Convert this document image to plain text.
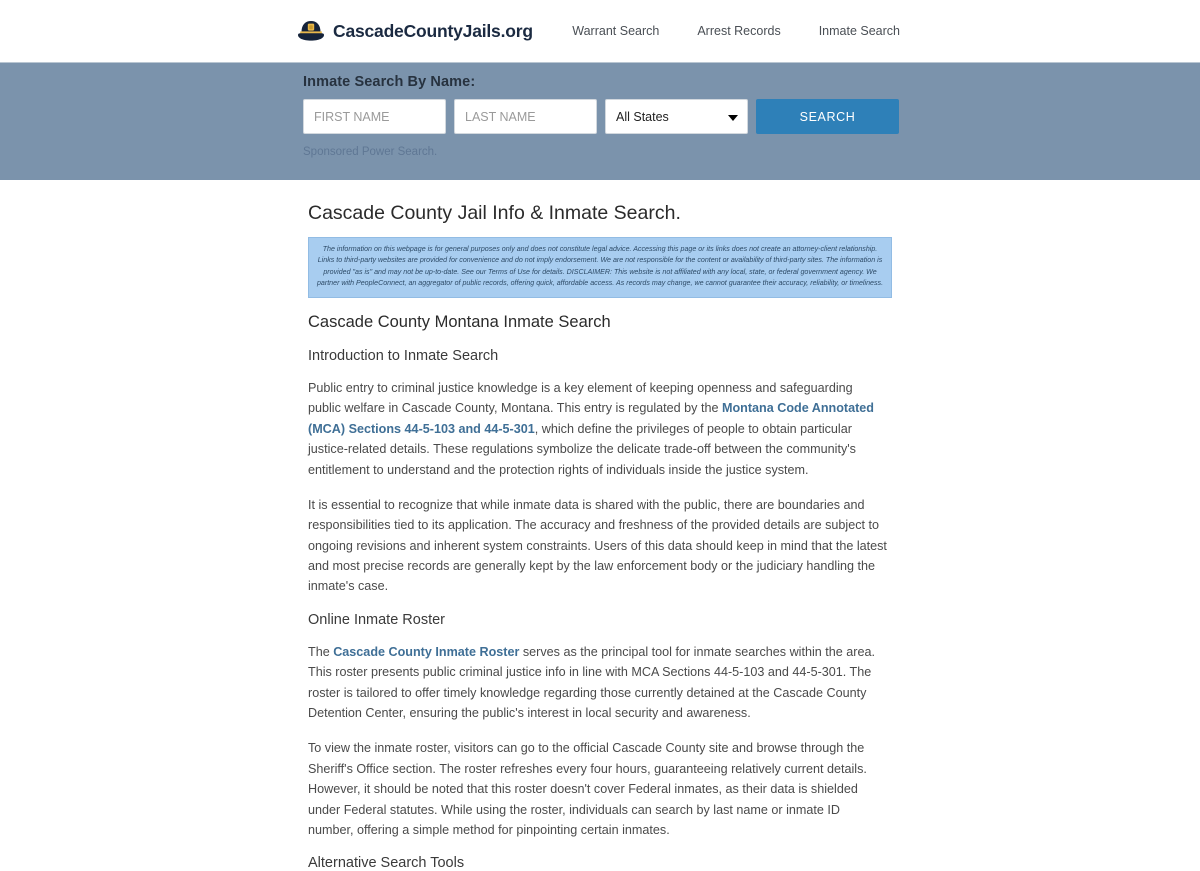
CascadeCountyJails.org	Warrant Search	Arrest Records	Inmate Search
Inmate Search By Name:
FIRST NAME
LAST NAME
All States
SEARCH
Sponsored Power Search.
Cascade County Jail Info & Inmate Search.
The information on this webpage is for general purposes only and does not constitute legal advice. Accessing this page or its links does not create an attorney-client relationship. Links to third-party websites are provided for convenience and do not imply endorsement. We are not responsible for the content or availability of third-party sites. The information is provided "as is" and may not be up-to-date. See our Terms of Use for details. DISCLAIMER: This website is not affiliated with any local, state, or federal government agency. We partner with PeopleConnect, an aggregator of public records, offering quick, affordable access. As records may change, we cannot guarantee their accuracy, reliability, or timeliness.
Cascade County Montana Inmate Search
Introduction to Inmate Search

Public entry to criminal justice knowledge is a key element of keeping openness and safeguarding public welfare in Cascade County, Montana. This entry is regulated by the Montana Code Annotated (MCA) Sections 44-5-103 and 44-5-301, which define the privileges of people to obtain particular justice-related details. These regulations symbolize the delicate trade-off between the community's entitlement to understand and the protection rights of individuals inside the justice system.

It is essential to recognize that while inmate data is shared with the public, there are boundaries and responsibilities tied to its application. The accuracy and freshness of the provided details are subject to ongoing revisions and inherent system constraints. Users of this data should keep in mind that the latest and most precise records are generally kept by the law enforcement body or the judiciary handling the inmate's case.

Online Inmate Roster

The Cascade County Inmate Roster serves as the principal tool for inmate searches within the area. This roster presents public criminal justice info in line with MCA Sections 44-5-103 and 44-5-301. The roster is tailored to offer timely knowledge regarding those currently detained at the Cascade County Detention Center, ensuring the public's interest in local security and awareness.

To view the inmate roster, visitors can go to the official Cascade County site and browse through the Sheriff's Office section. The roster refreshes every four hours, guaranteeing relatively current details. However, it should be noted that this roster doesn't cover Federal inmates, as their data is shielded under Federal statutes. While using the roster, individuals can search by last name or inmate ID number, offering a simple method for pinpointing certain inmates.

Alternative Search Tools
